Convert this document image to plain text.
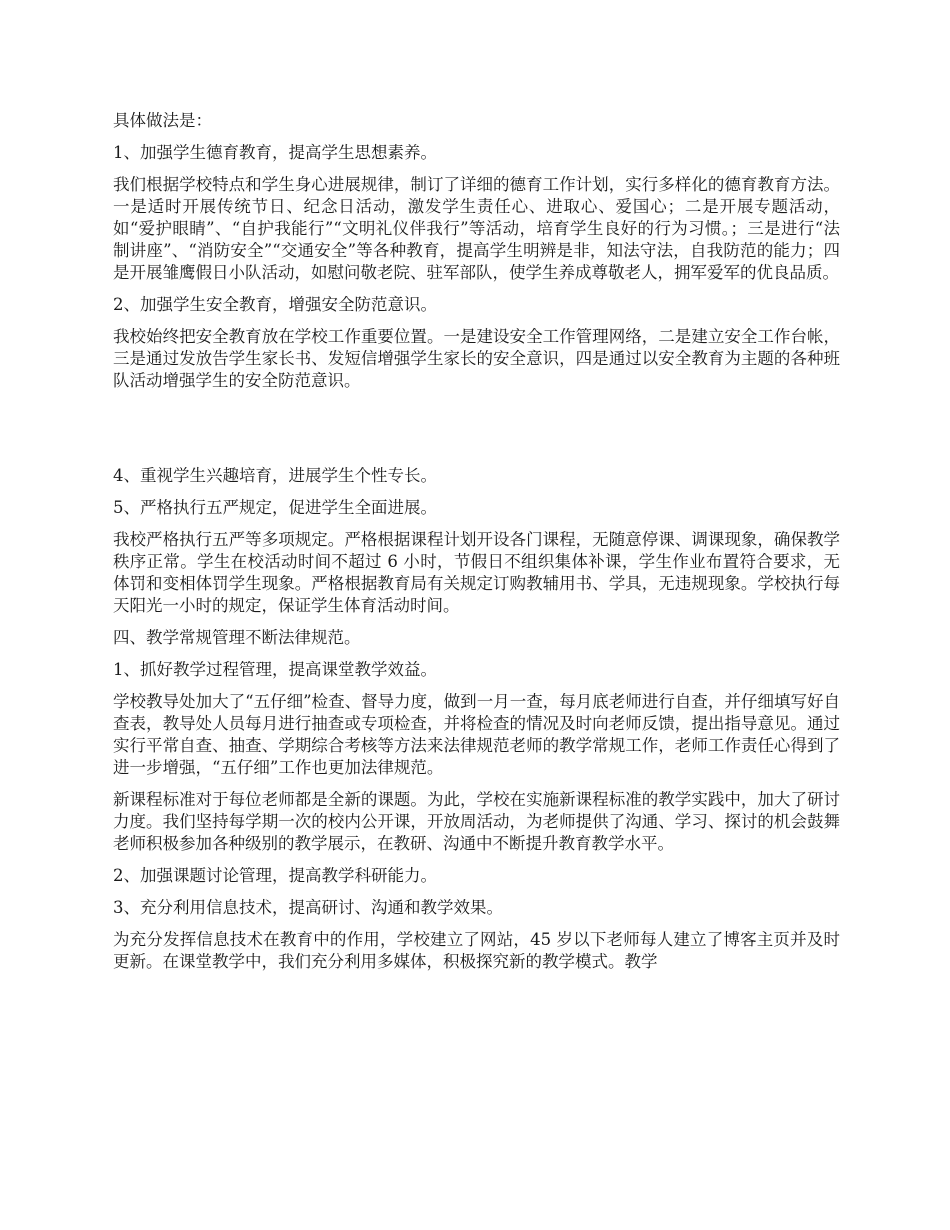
具体做法是：

1、加强学生德育教育，提高学生思想素养。

我们根据学校特点和学生身心进展规律，制订了详细的德育工作计划，实行多样化的德育教育方法。一是适时开展传统节日、纪念日活动，激发学生责任心、进取心、爱国心；二是开展专题活动，如“爱护眼睛”、“自护我能行”“文明礼仪伴我行”等活动，培育学生良好的行为习惯。；三是进行“法制讲座”、“消防安全”“交通安全”等各种教育，提高学生明辨是非，知法守法，自我防范的能力；四是开展雏鹰假日小队活动，如慰问敬老院、驻军部队，使学生养成尊敬老人，拥军爱军的优良品质。

2、加强学生安全教育，增强安全防范意识。

我校始终把安全教育放在学校工作重要位置。一是建设安全工作管理网络，二是建立安全工作台帐，三是通过发放告学生家长书、发短信增强学生家长的安全意识，四是通过以安全教育为主题的各种班队活动增强学生的安全防范意识。

4、重视学生兴趣培育，进展学生个性专长。

5、严格执行五严规定，促进学生全面进展。

我校严格执行五严等多项规定。严格根据课程计划开设各门课程，无随意停课、调课现象，确保教学秩序正常。学生在校活动时间不超过 6 小时，节假日不组织集体补课，学生作业布置符合要求，无体罚和变相体罚学生现象。严格根据教育局有关规定订购教辅用书、学具，无违规现象。学校执行每天阳光一小时的规定，保证学生体育活动时间。

四、教学常规管理不断法律规范。

1、抓好教学过程管理，提高课堂教学效益。

学校教导处加大了“五仔细”检查、督导力度，做到一月一查，每月底老师进行自查，并仔细填写好自查表，教导处人员每月进行抽查或专项检查，并将检查的情况及时向老师反馈，提出指导意见。通过实行平常自查、抽查、学期综合考核等方法来法律规范老师的教学常规工作，老师工作责任心得到了进一步增强，“五仔细”工作也更加法律规范。

新课程标准对于每位老师都是全新的课题。为此，学校在实施新课程标准的教学实践中，加大了研讨力度。我们坚持每学期一次的校内公开课，开放周活动，为老师提供了沟通、学习、探讨的机会鼓舞老师积极参加各种级别的教学展示，在教研、沟通中不断提升教育教学水平。

2、加强课题讨论管理，提高教学科研能力。

3、充分利用信息技术，提高研讨、沟通和教学效果。

为充分发挥信息技术在教育中的作用，学校建立了网站，45 岁以下老师每人建立了博客主页并及时更新。在课堂教学中，我们充分利用多媒体，积极探究新的教学模式。教学
